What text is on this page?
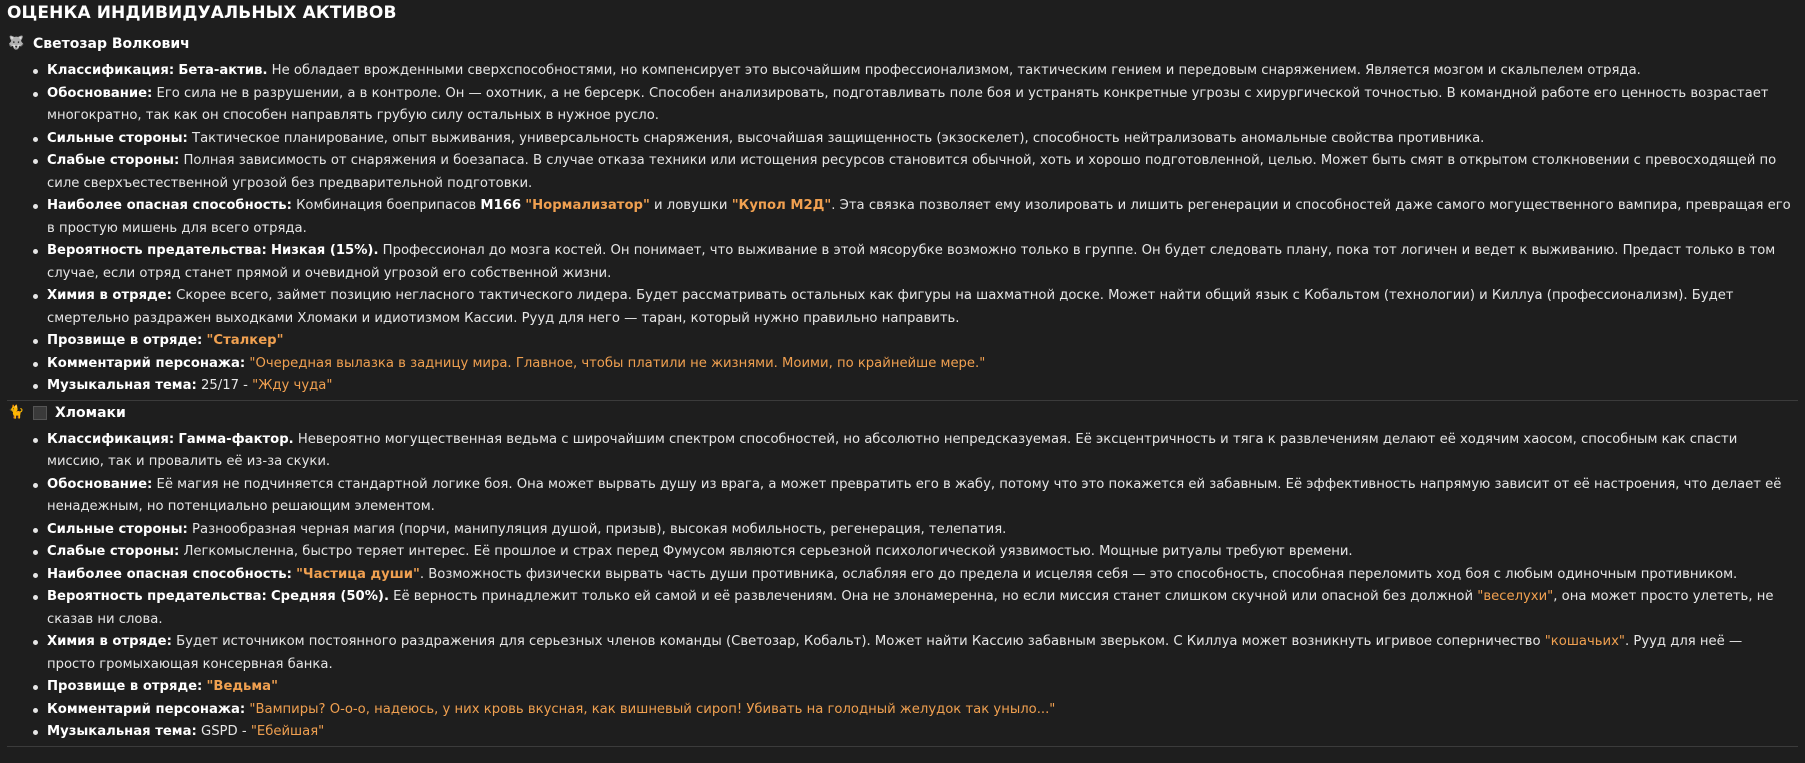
ОЦЕНКА ИНДИВИДУАЛЬНЫХ АКТИВОВ
🐺 Светозар Волкович
Классификация: Бета-актив. Не обладает врожденными сверхспособностями, но компенсирует это высочайшим профессионализмом, тактическим гением и передовым снаряжением. Является мозгом и скальпелем отряда.
Обоснование: Его сила не в разрушении, а в контроле. Он — охотник, а не берсерк. Способен анализировать, подготавливать поле боя и устранять конкретные угрозы с хирургической точностью. В командной работе его ценность возрастает многократно, так как он способен направлять грубую силу остальных в нужное русло.
Сильные стороны: Тактическое планирование, опыт выживания, универсальность снаряжения, высочайшая защищенность (экзоскелет), способность нейтрализовать аномальные свойства противника.
Слабые стороны: Полная зависимость от снаряжения и боезапаса. В случае отказа техники или истощения ресурсов становится обычной, хоть и хорошо подготовленной, целью. Может быть смят в открытом столкновении с превосходящей по силе сверхъестественной угрозой без предварительной подготовки.
Наиболее опасная способность: Комбинация боеприпасов М166 "Нормализатор" и ловушки "Купол М2Д". Эта связка позволяет ему изолировать и лишить регенерации и способностей даже самого могущественного вампира, превращая его в простую мишень для всего отряда.
Вероятность предательства: Низкая (15%). Профессионал до мозга костей. Он понимает, что выживание в этой мясорубке возможно только в группе. Он будет следовать плану, пока тот логичен и ведет к выживанию. Предаст только в том случае, если отряд станет прямой и очевидной угрозой его собственной жизни.
Химия в отряде: Скорее всего, займет позицию негласного тактического лидера. Будет рассматривать остальных как фигуры на шахматной доске. Может найти общий язык с Кобальтом (технологии) и Киллуа (профессионализм). Будет смертельно раздражен выходками Хломаки и идиотизмом Кассии. Рууд для него — таран, который нужно правильно направить.
Прозвище в отряде: "Сталкер"
Комментарий персонажа: "Очередная вылазка в задницу мира. Главное, чтобы платили не жизнями. Моими, по крайнейше мере."
Музыкальная тема: 25/17 - "Жду чуда"
🐈 Хломаки
Классификация: Гамма-фактор. Невероятно могущественная ведьма с широчайшим спектром способностей, но абсолютно непредсказуемая. Её эксцентричность и тяга к развлечениям делают её ходячим хаосом, способным как спасти миссию, так и провалить её из-за скуки.
Обоснование: Её магия не подчиняется стандартной логике боя. Она может вырвать душу из врага, а может превратить его в жабу, потому что это покажется ей забавным. Её эффективность напрямую зависит от её настроения, что делает её ненадежным, но потенциально решающим элементом.
Сильные стороны: Разнообразная черная магия (порчи, манипуляция душой, призыв), высокая мобильность, регенерация, телепатия.
Слабые стороны: Легкомысленна, быстро теряет интерес. Её прошлое и страх перед Фумусом являются серьезной психологической уязвимостью. Мощные ритуалы требуют времени.
Наиболее опасная способность: "Частица души". Возможность физически вырвать часть души противника, ослабляя его до предела и исцеляя себя — это способность, способная переломить ход боя с любым одиночным противником.
Вероятность предательства: Средняя (50%). Её верность принадлежит только ей самой и её развлечениям. Она не злонамеренна, но если миссия станет слишком скучной или опасной без должной "веселухи", она может просто улететь, не сказав ни слова.
Химия в отряде: Будет источником постоянного раздражения для серьезных членов команды (Светозар, Кобальт). Может найти Кассию забавным зверьком. С Киллуа может возникнуть игривое соперничество "кошачьих". Рууд для неё — просто громыхающая консервная банка.
Прозвище в отряде: "Ведьма"
Комментарий персонажа: "Вампиры? О-о-о, надеюсь, у них кровь вкусная, как вишневый сироп! Убивать на голодный желудок так уныло..."
Музыкальная тема: GSPD - "Ебейшая"
